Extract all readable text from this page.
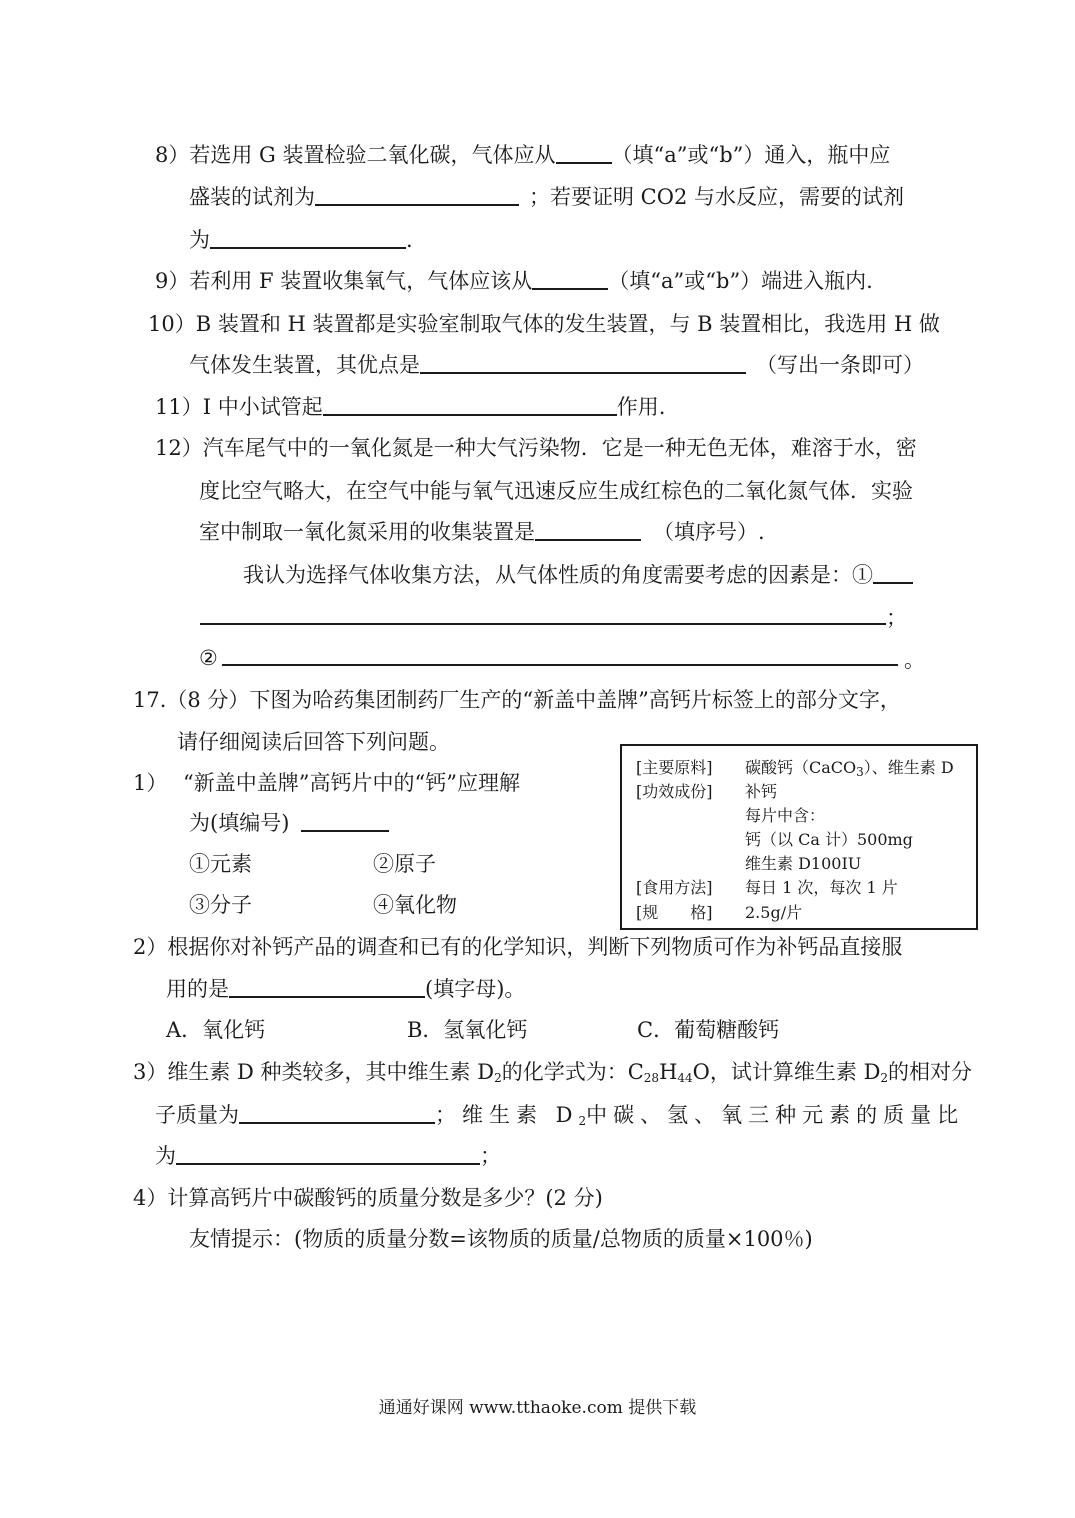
8）若选用 G 装置检验二氧化碳，气体应从	（填“a”或“b”）通入，瓶中应
盛装的试剂为	；若要证明 CO2 与水反应，需要的试剂
为	.
9）若利用 F 装置收集氧气，气体应该从	（填“a”或“b”）端进入瓶内.
10）B 装置和 H 装置都是实验室制取气体的发生装置，与 B 装置相比，我选用 H 做
气体发生装置，其优点是	（写出一条即可）
11）I 中小试管起	作用.
12）汽车尾气中的一氧化氮是一种大气污染物．它是一种无色无体，难溶于水，密
度比空气略大，在空气中能与氧气迅速反应生成红棕色的二氧化氮气体．实验
室中制取一氧化氮采用的收集装置是	（填序号）.
我认为选择气体收集方法，从气体性质的角度需要考虑的因素是：①
；
②	。
17.（8 分）下图为哈药集团制药厂生产的“新盖中盖牌”高钙片标签上的部分文字，
请仔细阅读后回答下列问题。
1） “新盖中盖牌”高钙片中的“钙”应理解
为(填编号)
①元素	②原子
③分子	④氧化物
[主要原料] 碳酸钙（CaCO$_3$）、维生素 D
[功效成份] 补钙
每片中含：
钙（以 Ca 计）500mg
维生素 D100IU
[食用方法] 每日 1 次，每次 1 片
[规　　格] 2.5g/片
2）根据你对补钙产品的调查和已有的化学知识，判断下列物质可作为补钙品直接服
用的是	(填字母)。
A．氧化钙	B．氢氧化钙	C．葡萄糖酸钙
3）维生素 D 种类较多，其中维生素 $D_2$的化学式为：$C_{28}H_{44}O$，试计算维生素 $D_2$的相对分
子质量为	；维生素 $D_2$中碳、氢、氧三种元素的质量比
为	；
4）计算高钙片中碳酸钙的质量分数是多少？(2 分)
友情提示：(物质的质量分数=该物质的质量/总物质的质量×100％)
通通好课网 www.tthaoke.com 提供下载
